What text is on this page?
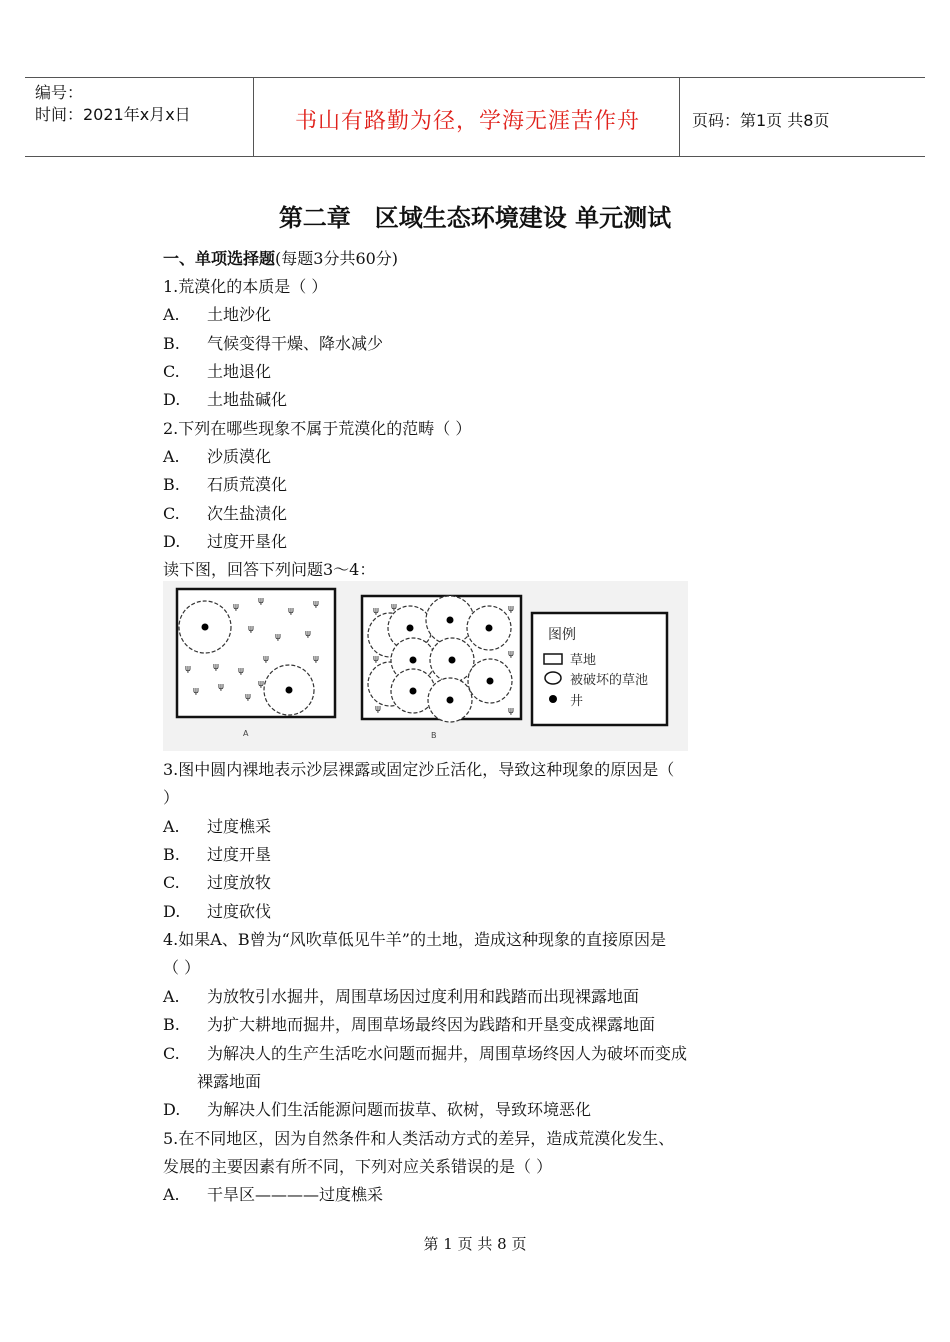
编号：
时间：2021年x月x日	书山有路勤为径，学海无涯苦作舟	页码：第1页 共8页
第二章　区域生态环境建设 单元测试
一、单项选择题(每题3分共60分)
1.荒漠化的本质是（ ）
A. 土地沙化
B. 气候变得干燥、降水减少
C. 土地退化
D. 土地盐碱化
2.下列在哪些现象不属于荒漠化的范畴（ ）
A. 沙质漠化
B. 石质荒漠化
C. 次生盐渍化
D. 过度开垦化
读下图，回答下列问题3～4：
ψ
ψ
ψ
ψ
ψ
ψ	ψ
ψ ψ ψ
ψ	ψ
ψ ψ
ψ
ψ
A
ψ ψ	ψ
ψ	ψ
ψ	ψ
B
图例
草地
被破坏的草池
井
3.图中圆内裸地表示沙层裸露或固定沙丘活化，导致这种现象的原因是（
）
A. 过度樵采
B. 过度开垦
C. 过度放牧
D. 过度砍伐
4.如果A、B曾为“风吹草低见牛羊”的土地，造成这种现象的直接原因是
（ ）
A. 为放牧引水掘井，周围草场因过度利用和践踏而出现裸露地面
B. 为扩大耕地而掘井，周围草场最终因为践踏和开垦变成裸露地面
C. 为解决人的生产生活吃水问题而掘井，周围草场终因人为破坏而变成
裸露地面
D. 为解决人们生活能源问题而拔草、砍树，导致环境恶化
5.在不同地区，因为自然条件和人类活动方式的差异，造成荒漠化发生、
发展的主要因素有所不同，下列对应关系错误的是（ ）
A. 干旱区————过度樵采
第 1 页 共 8 页
